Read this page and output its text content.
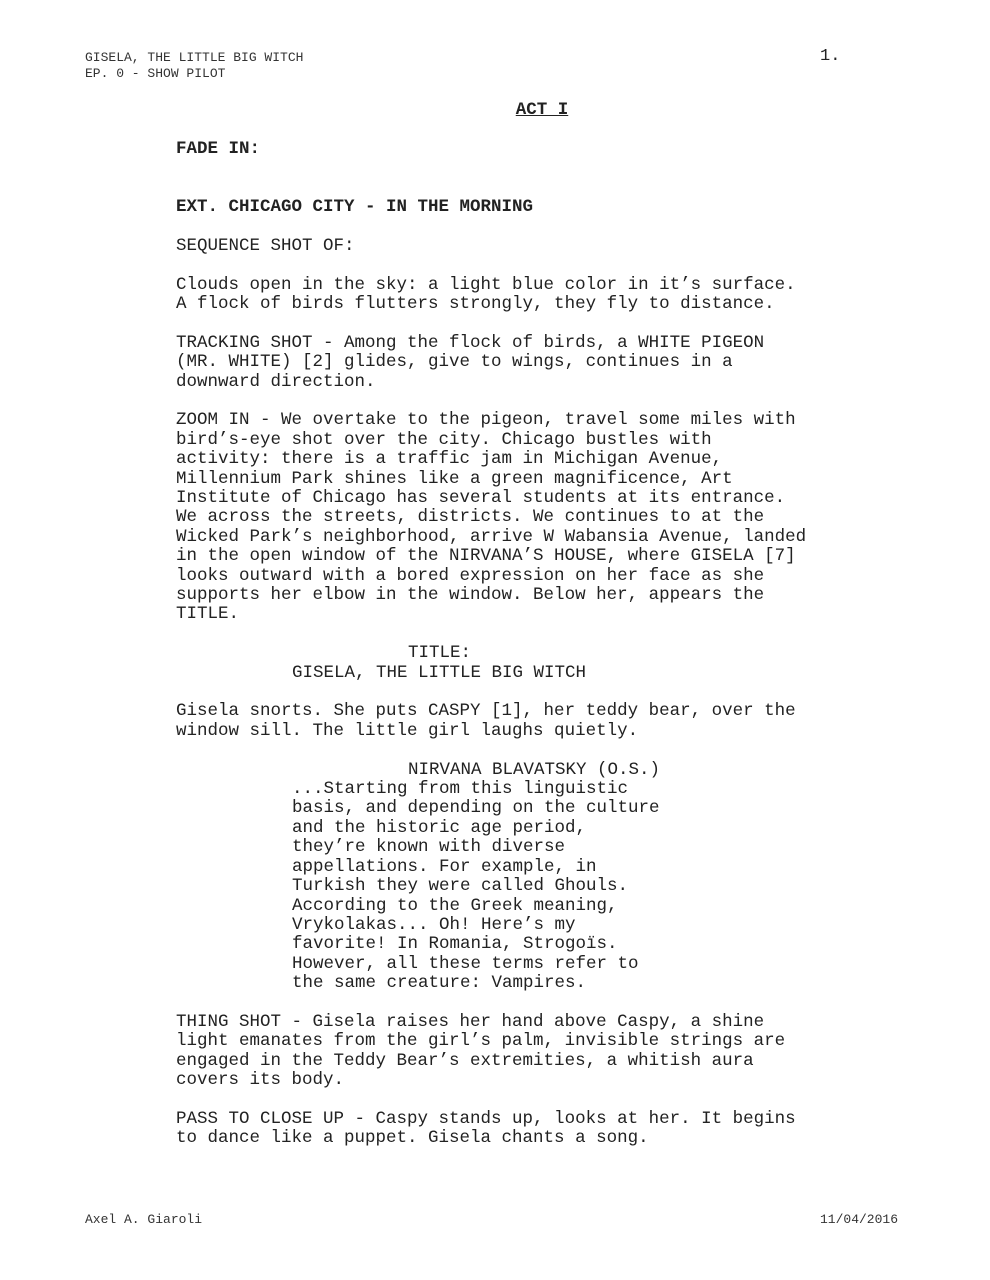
GISELA, THE LITTLE BIG WITCH
EP. 0 - SHOW PILOT
1.

ACT I

FADE IN:

EXT. CHICAGO CITY - IN THE MORNING

SEQUENCE SHOT OF:

Clouds open in the sky: a light blue color in it’s surface.
A flock of birds flutters strongly, they fly to distance.

TRACKING SHOT - Among the flock of birds, a WHITE PIGEON
(MR. WHITE) [2] glides, give to wings, continues in a
downward direction.

ZOOM IN - We overtake to the pigeon, travel some miles with
bird’s-eye shot over the city. Chicago bustles with
activity: there is a traffic jam in Michigan Avenue,
Millennium Park shines like a green magnificence, Art
Institute of Chicago has several students at its entrance.
We across the streets, districts. We continues to at the
Wicked Park’s neighborhood, arrive W Wabansia Avenue, landed
in the open window of the NIRVANA’S HOUSE, where GISELA [7]
looks outward with a bored expression on her face as she
supports her elbow in the window. Below her, appears the
TITLE.

TITLE:

GISELA, THE LITTLE BIG WITCH

Gisela snorts. She puts CASPY [1], her teddy bear, over the
window sill. The little girl laughs quietly.

NIRVANA BLAVATSKY (O.S.)

...Starting from this linguistic
basis, and depending on the culture
and the historic age period,
they’re known with diverse
appellations. For example, in
Turkish they were called Ghouls.
According to the Greek meaning,
Vrykolakas... Oh! Here’s my
favorite! In Romania, Strogoïs.
However, all these terms refer to
the same creature: Vampires.

THING SHOT - Gisela raises her hand above Caspy, a shine
light emanates from the girl’s palm, invisible strings are
engaged in the Teddy Bear’s extremities, a whitish aura
covers its body.

PASS TO CLOSE UP - Caspy stands up, looks at her. It begins
to dance like a puppet. Gisela chants a song.

Axel A. Giaroli	11/04/2016
